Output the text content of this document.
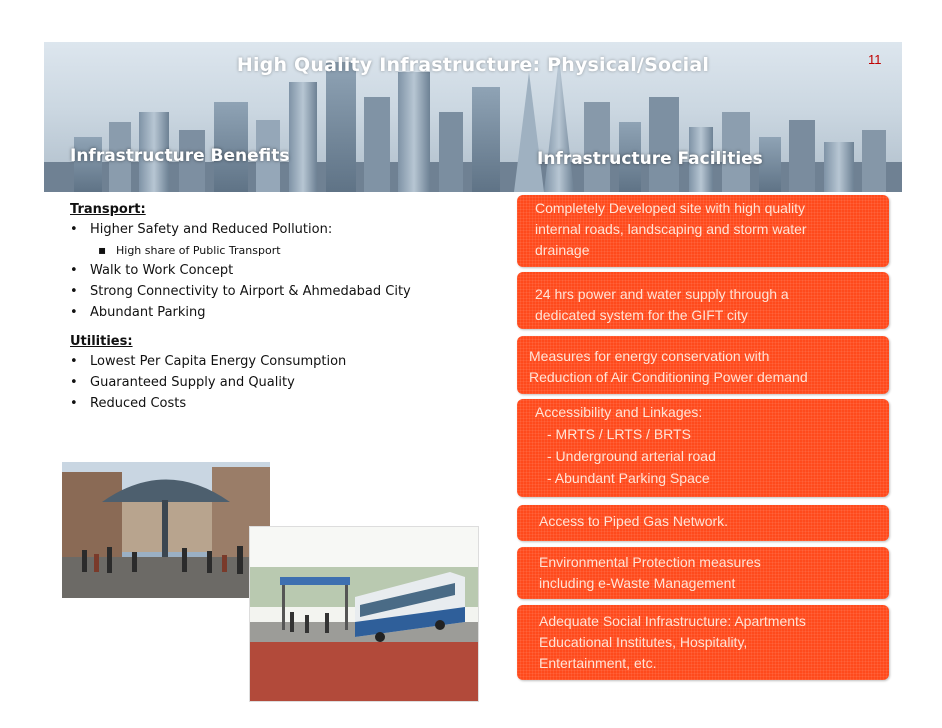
High Quality Infrastructure: Physical/Social	11
Infrastructure Benefits	Infrastructure Facilities
Transport:
• Higher Safety and Reduced Pollution:
▪ High share of Public Transport
• Walk to Work Concept
• Strong Connectivity to Airport & Ahmedabad City
• Abundant Parking
Utilities:
• Lowest Per Capita Energy Consumption
• Guaranteed Supply and Quality
• Reduced Costs
Completely Developed site with high quality
internal roads, landscaping and storm water
drainage
24 hrs power and water supply through a
dedicated system for the GIFT city
Measures for energy conservation with
Reduction of Air Conditioning Power demand
Accessibility and Linkages:
- MRTS / LRTS / BRTS
- Underground arterial road
- Abundant Parking Space
Access to Piped Gas Network.
Environmental Protection measures
including e-Waste Management
Adequate Social Infrastructure: Apartments
Educational Institutes, Hospitality,
Entertainment, etc.
